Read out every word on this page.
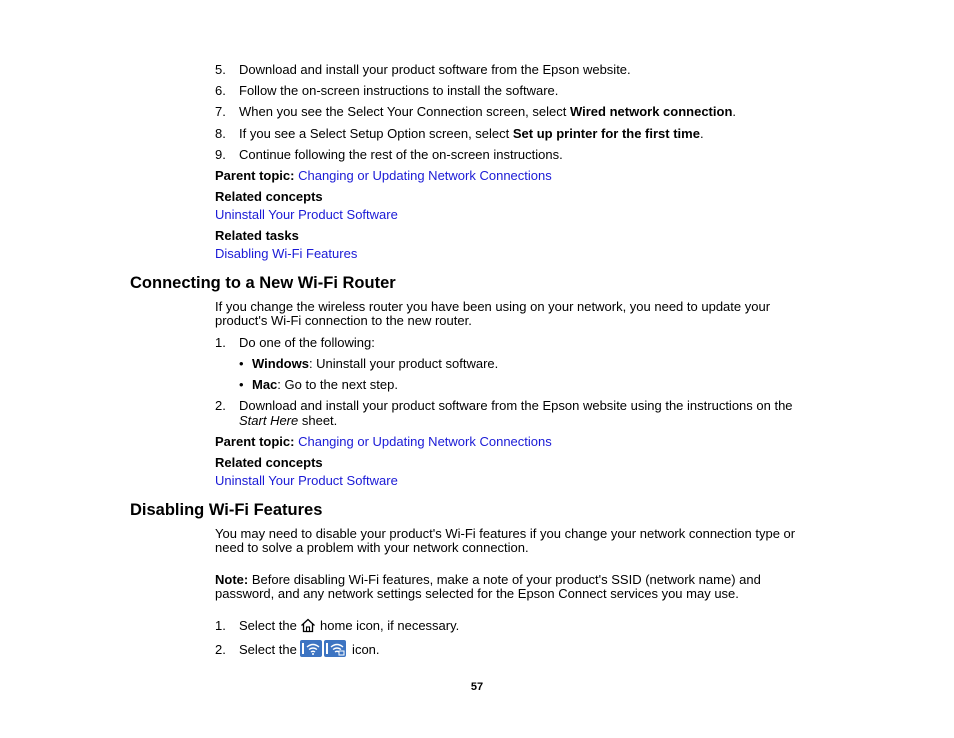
5. Download and install your product software from the Epson website.
6. Follow the on-screen instructions to install the software.
7. When you see the Select Your Connection screen, select Wired network connection.
8. If you see a Select Setup Option screen, select Set up printer for the first time.
9. Continue following the rest of the on-screen instructions.
Parent topic: Changing or Updating Network Connections
Related concepts
Uninstall Your Product Software
Related tasks
Disabling Wi-Fi Features
Connecting to a New Wi-Fi Router
If you change the wireless router you have been using on your network, you need to update your
product's Wi-Fi connection to the new router.
1. Do one of the following:
• Windows: Uninstall your product software.
• Mac: Go to the next step.
2. Download and install your product software from the Epson website using the instructions on the
Start Here sheet.
Parent topic: Changing or Updating Network Connections
Related concepts
Uninstall Your Product Software
Disabling Wi-Fi Features
You may need to disable your product's Wi-Fi features if you change your network connection type or
need to solve a problem with your network connection.
Note: Before disabling Wi-Fi features, make a note of your product's SSID (network name) and
password, and any network settings selected for the Epson Connect services you may use.
1. Select the  home icon, if necessary.
2. Select the	icon.
57
